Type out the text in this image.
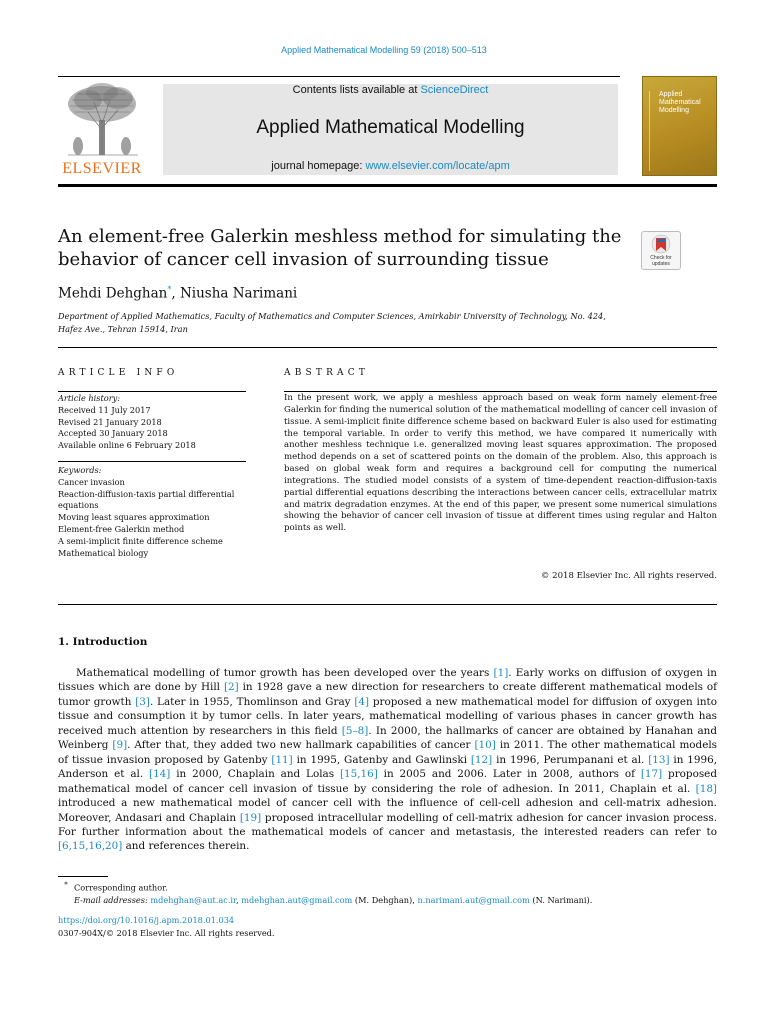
Applied Mathematical Modelling 59 (2018) 500–513
ELSEVIER
Contents lists available at ScienceDirect
Applied Mathematical Modelling
journal homepage: www.elsevier.com/locate/apm
Applied Mathematical Modelling
An element-free Galerkin meshless method for simulating the behavior of cancer cell invasion of surrounding tissue	Check for updates
Mehdi Dehghan*, Niusha Narimani
Department of Applied Mathematics, Faculty of Mathematics and Computer Sciences, Amirkabir University of Technology, No. 424, Hafez Ave., Tehran 15914, Iran
ARTICLE INFO
Article history:
Received 11 July 2017
Revised 21 January 2018
Accepted 30 January 2018
Available online 6 February 2018
Keywords:
Cancer invasion
Reaction-diffusion-taxis partial differential equations
Moving least squares approximation
Element-free Galerkin method
A semi-implicit finite difference scheme
Mathematical biology
ABSTRACT
In the present work, we apply a meshless approach based on weak form namely element-free Galerkin for finding the numerical solution of the mathematical modelling of cancer cell invasion of tissue. A semi-implicit finite difference scheme based on backward Euler is also used for estimating the temporal variable. In order to verify this method, we have compared it numerically with another meshless technique i.e. generalized moving least squares approximation. The proposed method depends on a set of scattered points on the domain of the problem. Also, this approach is based on global weak form and requires a background cell for computing the numerical integrations. The studied model consists of a system of time-dependent reaction-diffusion-taxis partial differential equations describing the interactions between cancer cells, extracellular matrix and matrix degradation enzymes. At the end of this paper, we present some numerical simulations showing the behavior of cancer cell invasion of tissue at different times using regular and Halton points as well.
© 2018 Elsevier Inc. All rights reserved.
1. Introduction

Mathematical modelling of tumor growth has been developed over the years [1]. Early works on diffusion of oxygen in tissues which are done by Hill [2] in 1928 gave a new direction for researchers to create different mathematical models of tumor growth [3]. Later in 1955, Thomlinson and Gray [4] proposed a new mathematical model for diffusion of oxygen into tissue and consumption it by tumor cells. In later years, mathematical modelling of various phases in cancer growth has received much attention by researchers in this field [5–8]. In 2000, the hallmarks of cancer are obtained by Hanahan and Weinberg [9]. After that, they added two new hallmark capabilities of cancer [10] in 2011. The other mathematical models of tissue invasion proposed by Gatenby [11] in 1995, Gatenby and Gawlinski [12] in 1996, Perumpanani et al. [13] in 1996, Anderson et al. [14] in 2000, Chaplain and Lolas [15,16] in 2005 and 2006. Later in 2008, authors of [17] proposed mathematical model of cancer cell invasion of tissue by considering the role of adhesion. In 2011, Chaplain et al. [18] introduced a new mathematical model of cancer cell with the influence of cell-cell adhesion and cell-matrix adhesion. Moreover, Andasari and Chaplain [19] proposed intracellular modelling of cell-matrix adhesion for cancer invasion process. For further information about the mathematical models of cancer and metastasis, the interested readers can refer to [6,15,16,20] and references therein.

* Corresponding author.
E-mail addresses: mdehghan@aut.ac.ir, mdehghan.aut@gmail.com (M. Dehghan), n.narimani.aut@gmail.com (N. Narimani).
https://doi.org/10.1016/j.apm.2018.01.034
0307-904X/© 2018 Elsevier Inc. All rights reserved.
